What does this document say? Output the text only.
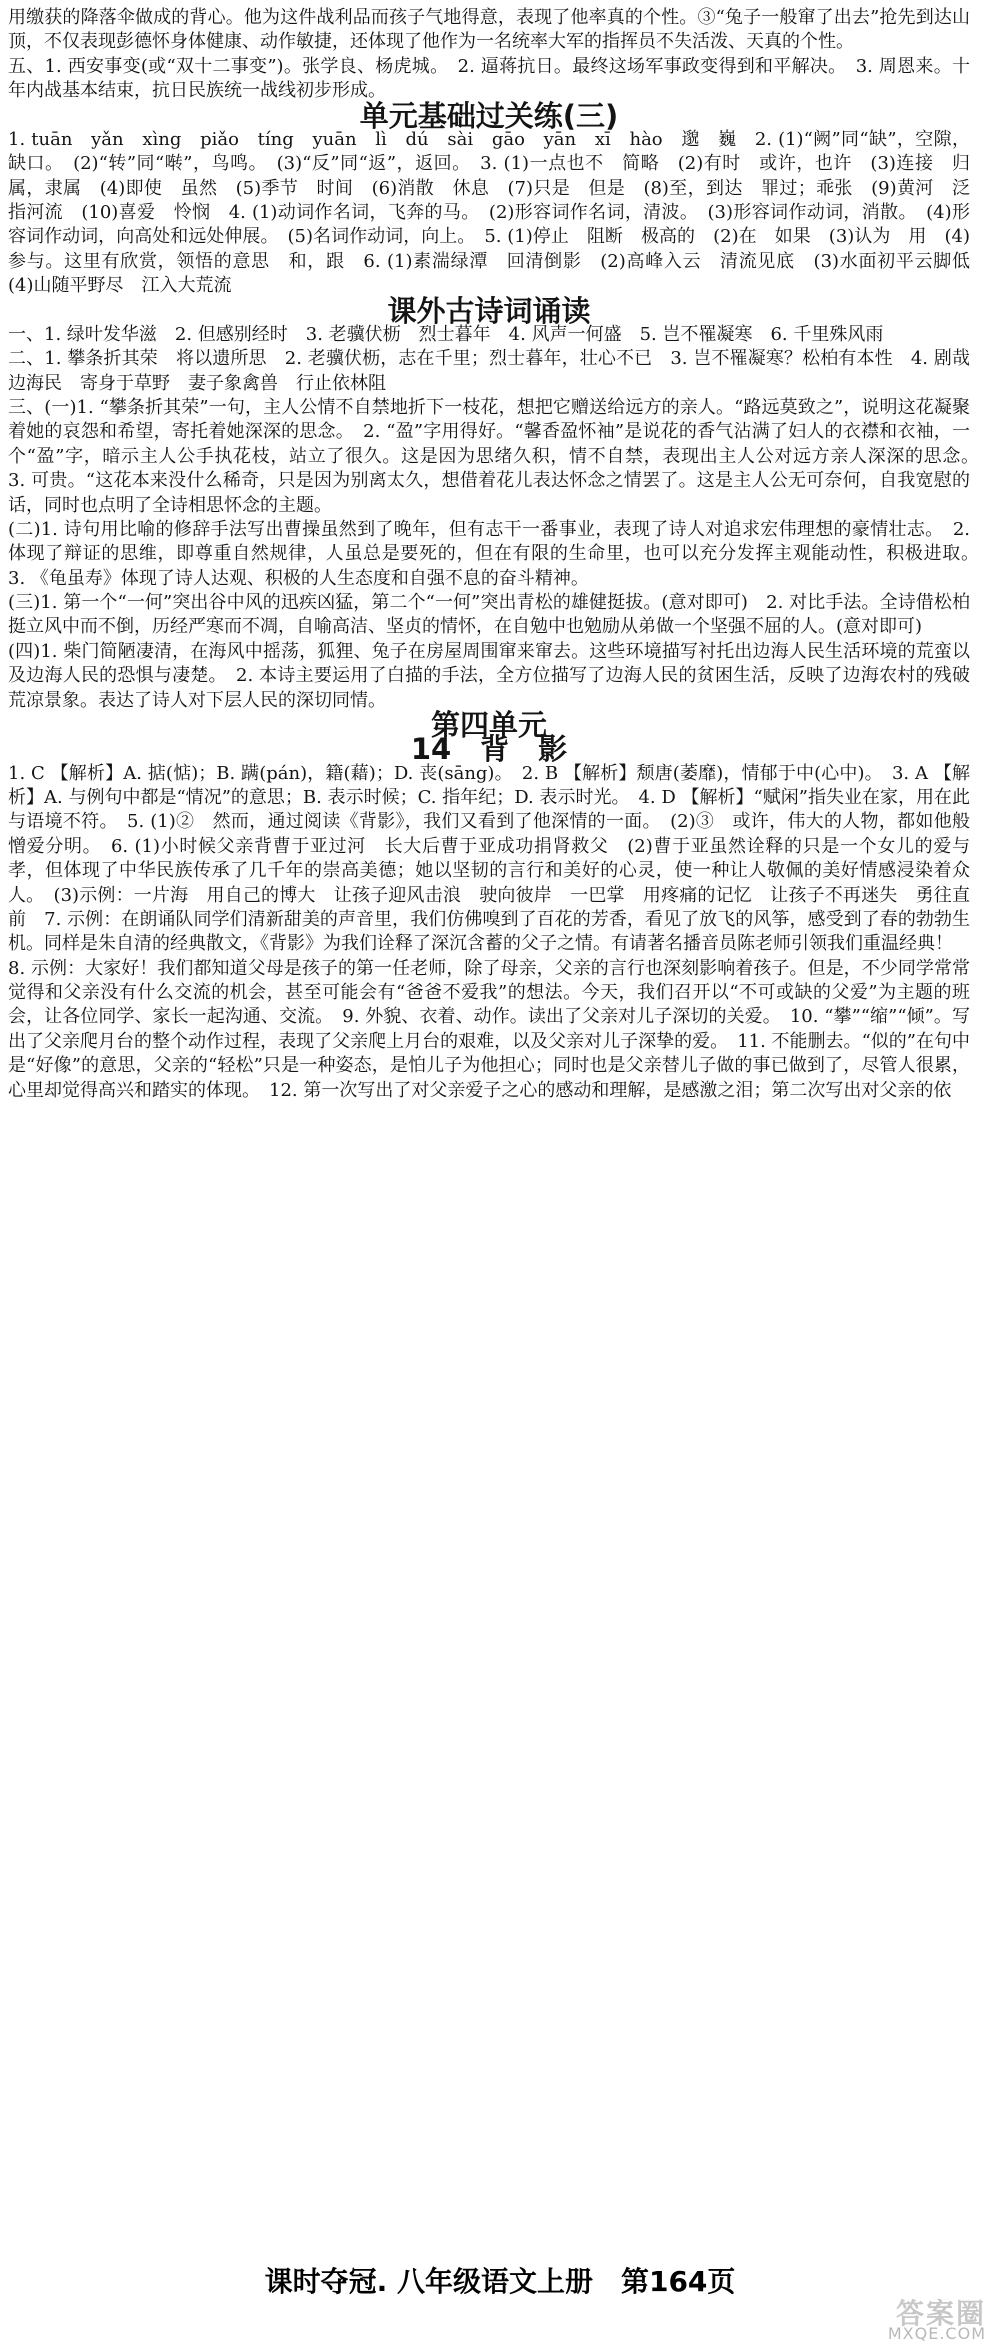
用缴获的降落伞做成的背心。他为这件战利品而孩子气地得意，表现了他率真的个性。③“兔子一般窜了出去”抢先到达山顶，不仅表现彭德怀身体健康、动作敏捷，还体现了他作为一名统率大军的指挥员不失活泼、天真的个性。

五、1. 西安事变(或“双十二事变”)。张学良、杨虎城。　2. 逼蒋抗日。最终这场军事政变得到和平解决。　3. 周恩来。十年内战基本结束，抗日民族统一战线初步形成。

单元基础过关练(三)

1. tuān　yǎn　xìng　piǎo　tíng　yuān　lì　dú　sài　gāo　yān　xī　hào　邈　巍　2. (1)“阙”同“缺”，空隙，缺口。　(2)“转”同“啭”，鸟鸣。　(3)“反”同“返”，返回。　3. (1)一点也不　简略　(2)有时　或许，也许　(3)连接　归属，隶属　(4)即使　虽然　(5)季节　时间　(6)消散　休息　(7)只是　但是　(8)至，到达　罪过；乖张　(9)黄河　泛指河流　(10)喜爱　怜悯　4. (1)动词作名词，飞奔的马。　(2)形容词作名词，清波。　(3)形容词作动词，消散。　(4)形容词作动词，向高处和远处伸展。　(5)名词作动词，向上。　5. (1)停止　阻断　极高的　(2)在　如果　(3)认为　用　(4)参与。这里有欣赏，领悟的意思　和，跟　6. (1)素湍绿潭　回清倒影　(2)高峰入云　清流见底　(3)水面初平云脚低　(4)山随平野尽　江入大荒流

课外古诗词诵读

一、1. 绿叶发华滋　2. 但感别经时　3. 老骥伏枥　烈士暮年　4. 风声一何盛　5. 岂不罹凝寒　6. 千里殊风雨

二、1. 攀条折其荣　将以遗所思　2. 老骥伏枥，志在千里；烈士暮年，壮心不已　3. 岂不罹凝寒？松柏有本性　4. 剧哉边海民　寄身于草野　妻子象禽兽　行止依林阻

三、(一)1. “攀条折其荣”一句，主人公情不自禁地折下一枝花，想把它赠送给远方的亲人。“路远莫致之”，说明这花凝聚着她的哀怨和希望，寄托着她深深的思念。　2. “盈”字用得好。“馨香盈怀袖”是说花的香气沾满了妇人的衣襟和衣袖，一个“盈”字，暗示主人公手执花枝，站立了很久。这是因为思绪久积，情不自禁，表现出主人公对远方亲人深深的思念。　3. 可贵。“这花本来没什么稀奇，只是因为别离太久，想借着花儿表达怀念之情罢了。这是主人公无可奈何，自我宽慰的话，同时也点明了全诗相思怀念的主题。

(二)1. 诗句用比喻的修辞手法写出曹操虽然到了晚年，但有志干一番事业，表现了诗人对追求宏伟理想的豪情壮志。　2. 体现了辩证的思维，即尊重自然规律，人虽总是要死的，但在有限的生命里，也可以充分发挥主观能动性，积极进取。　3. 《龟虽寿》体现了诗人达观、积极的人生态度和自强不息的奋斗精神。

(三)1. 第一个“一何”突出谷中风的迅疾凶猛，第二个“一何”突出青松的雄健挺拔。(意对即可)　2. 对比手法。全诗借松柏挺立风中而不倒，历经严寒而不凋，自喻高洁、坚贞的情怀，在自勉中也勉励从弟做一个坚强不屈的人。(意对即可)

(四)1. 柴门简陋凄清，在海风中摇荡，狐狸、兔子在房屋周围窜来窜去。这些环境描写衬托出边海人民生活环境的荒蛮以及边海人民的恐惧与凄楚。　2. 本诗主要运用了白描的手法，全方位描写了边海人民的贫困生活，反映了边海农村的残破荒凉景象。表达了诗人对下层人民的深切同情。

第四单元
14　背　影

1. C 【解析】A. 掂(惦)；B. 蹒(pán)，籍(藉)；D. 丧(sāng)。　2. B 【解析】颓唐(萎靡)，情郁于中(心中)。　3. A 【解析】A. 与例句中都是“情况”的意思；B. 表示时候；C. 指年纪；D. 表示时光。　4. D 【解析】“赋闲”指失业在家，用在此与语境不符。　5. (1)②　然而，通过阅读《背影》，我们又看到了他深情的一面。　(2)③　或许，伟大的人物，都如他般憎爱分明。　6. (1)小时候父亲背曹于亚过河　长大后曹于亚成功捐肾救父　(2)曹于亚虽然诠释的只是一个女儿的爱与孝，但体现了中华民族传承了几千年的崇高美德；她以坚韧的言行和美好的心灵，使一种让人敬佩的美好情感浸染着众人。　(3)示例：一片海　用自己的博大　让孩子迎风击浪　驶向彼岸　一巴掌　用疼痛的记忆　让孩子不再迷失　勇往直前　7. 示例：在朗诵队同学们清新甜美的声音里，我们仿佛嗅到了百花的芳香，看见了放飞的风筝，感受到了春的勃勃生机。同样是朱自清的经典散文，《背影》为我们诠释了深沉含蓄的父子之情。有请著名播音员陈老师引领我们重温经典！

8. 示例：大家好！我们都知道父母是孩子的第一任老师，除了母亲，父亲的言行也深刻影响着孩子。但是，不少同学常常觉得和父亲没有什么交流的机会，甚至可能会有“爸爸不爱我”的想法。今天，我们召开以“不可或缺的父爱”为主题的班会，让各位同学、家长一起沟通、交流。　9. 外貌、衣着、动作。读出了父亲对儿子深切的关爱。　10. “攀”“缩”“倾”。写出了父亲爬月台的整个动作过程，表现了父亲爬上月台的艰难，以及父亲对儿子深挚的爱。　11. 不能删去。“似的”在句中是“好像”的意思，父亲的“轻松”只是一种姿态，是怕儿子为他担心；同时也是父亲替儿子做的事已做到了，尽管人很累，心里却觉得高兴和踏实的体现。　12. 第一次写出了对父亲爱子之心的感动和理解，是感激之泪；第二次写出对父亲的依

课时夺冠. 八年级语文上册　第164页
答案圈
MXQE.COM
